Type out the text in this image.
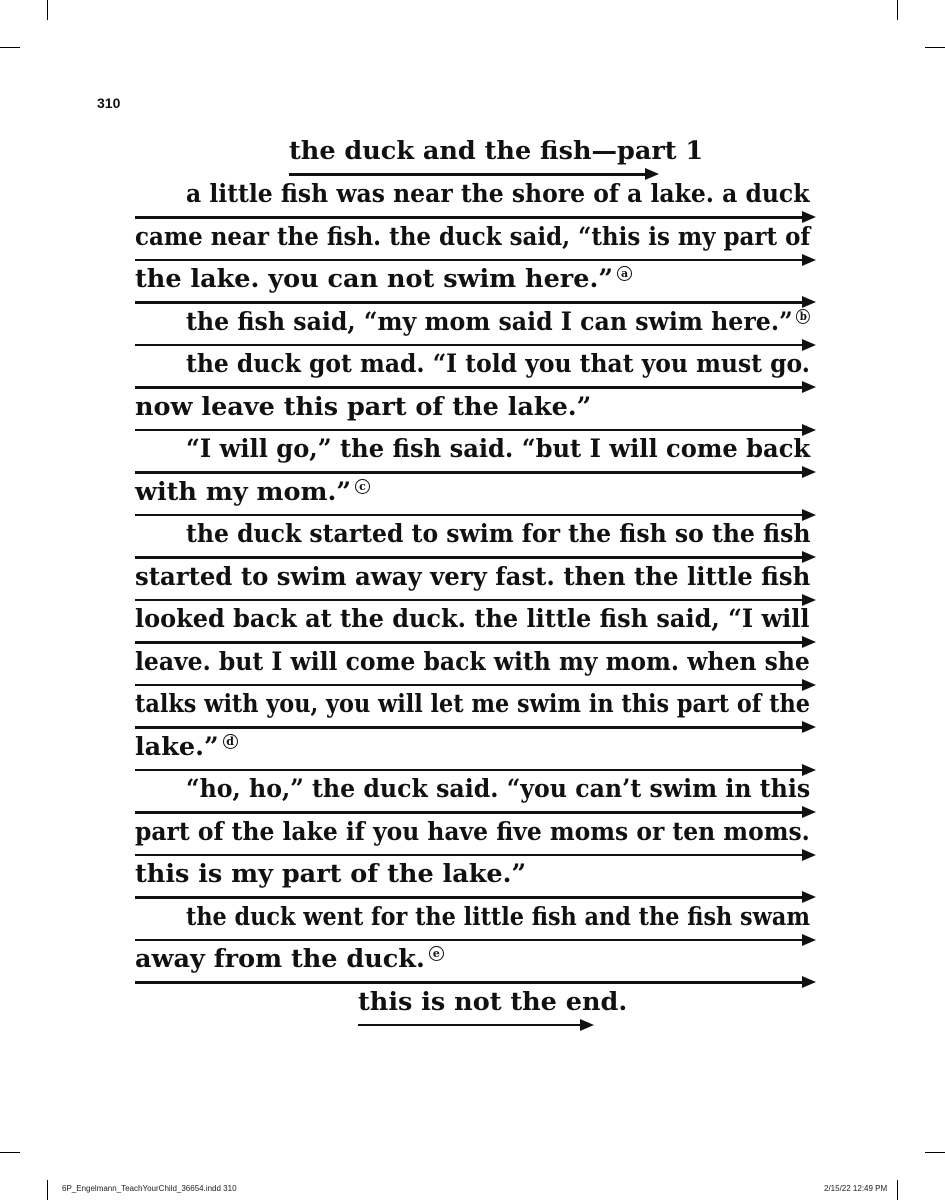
310
the duck and the fish—part 1
a little fish was near the shore of a lake. a duck
came near the fish. the duck said, “this is my part of
the lake. you can not swim here.” a
the fish said, “my mom said I can swim here.” b
the duck got mad. “I told you that you must go.
now leave this part of the lake.”
“I will go,” the fish said. “but I will come back
with my mom.” c
the duck started to swim for the fish so the fish
started to swim away very fast. then the little fish
looked back at the duck. the little fish said, “I will
leave. but I will come back with my mom. when she
talks with you, you will let me swim in this part of the
lake.” d
“ho, ho,” the duck said. “you can’t swim in this
part of the lake if you have five moms or ten moms.
this is my part of the lake.”
the duck went for the little fish and the fish swam
away from the duck. e
this is not the end.
6P_Engelmann_TeachYourChild_36654.indd 310	2/15/22 12:49 PM
